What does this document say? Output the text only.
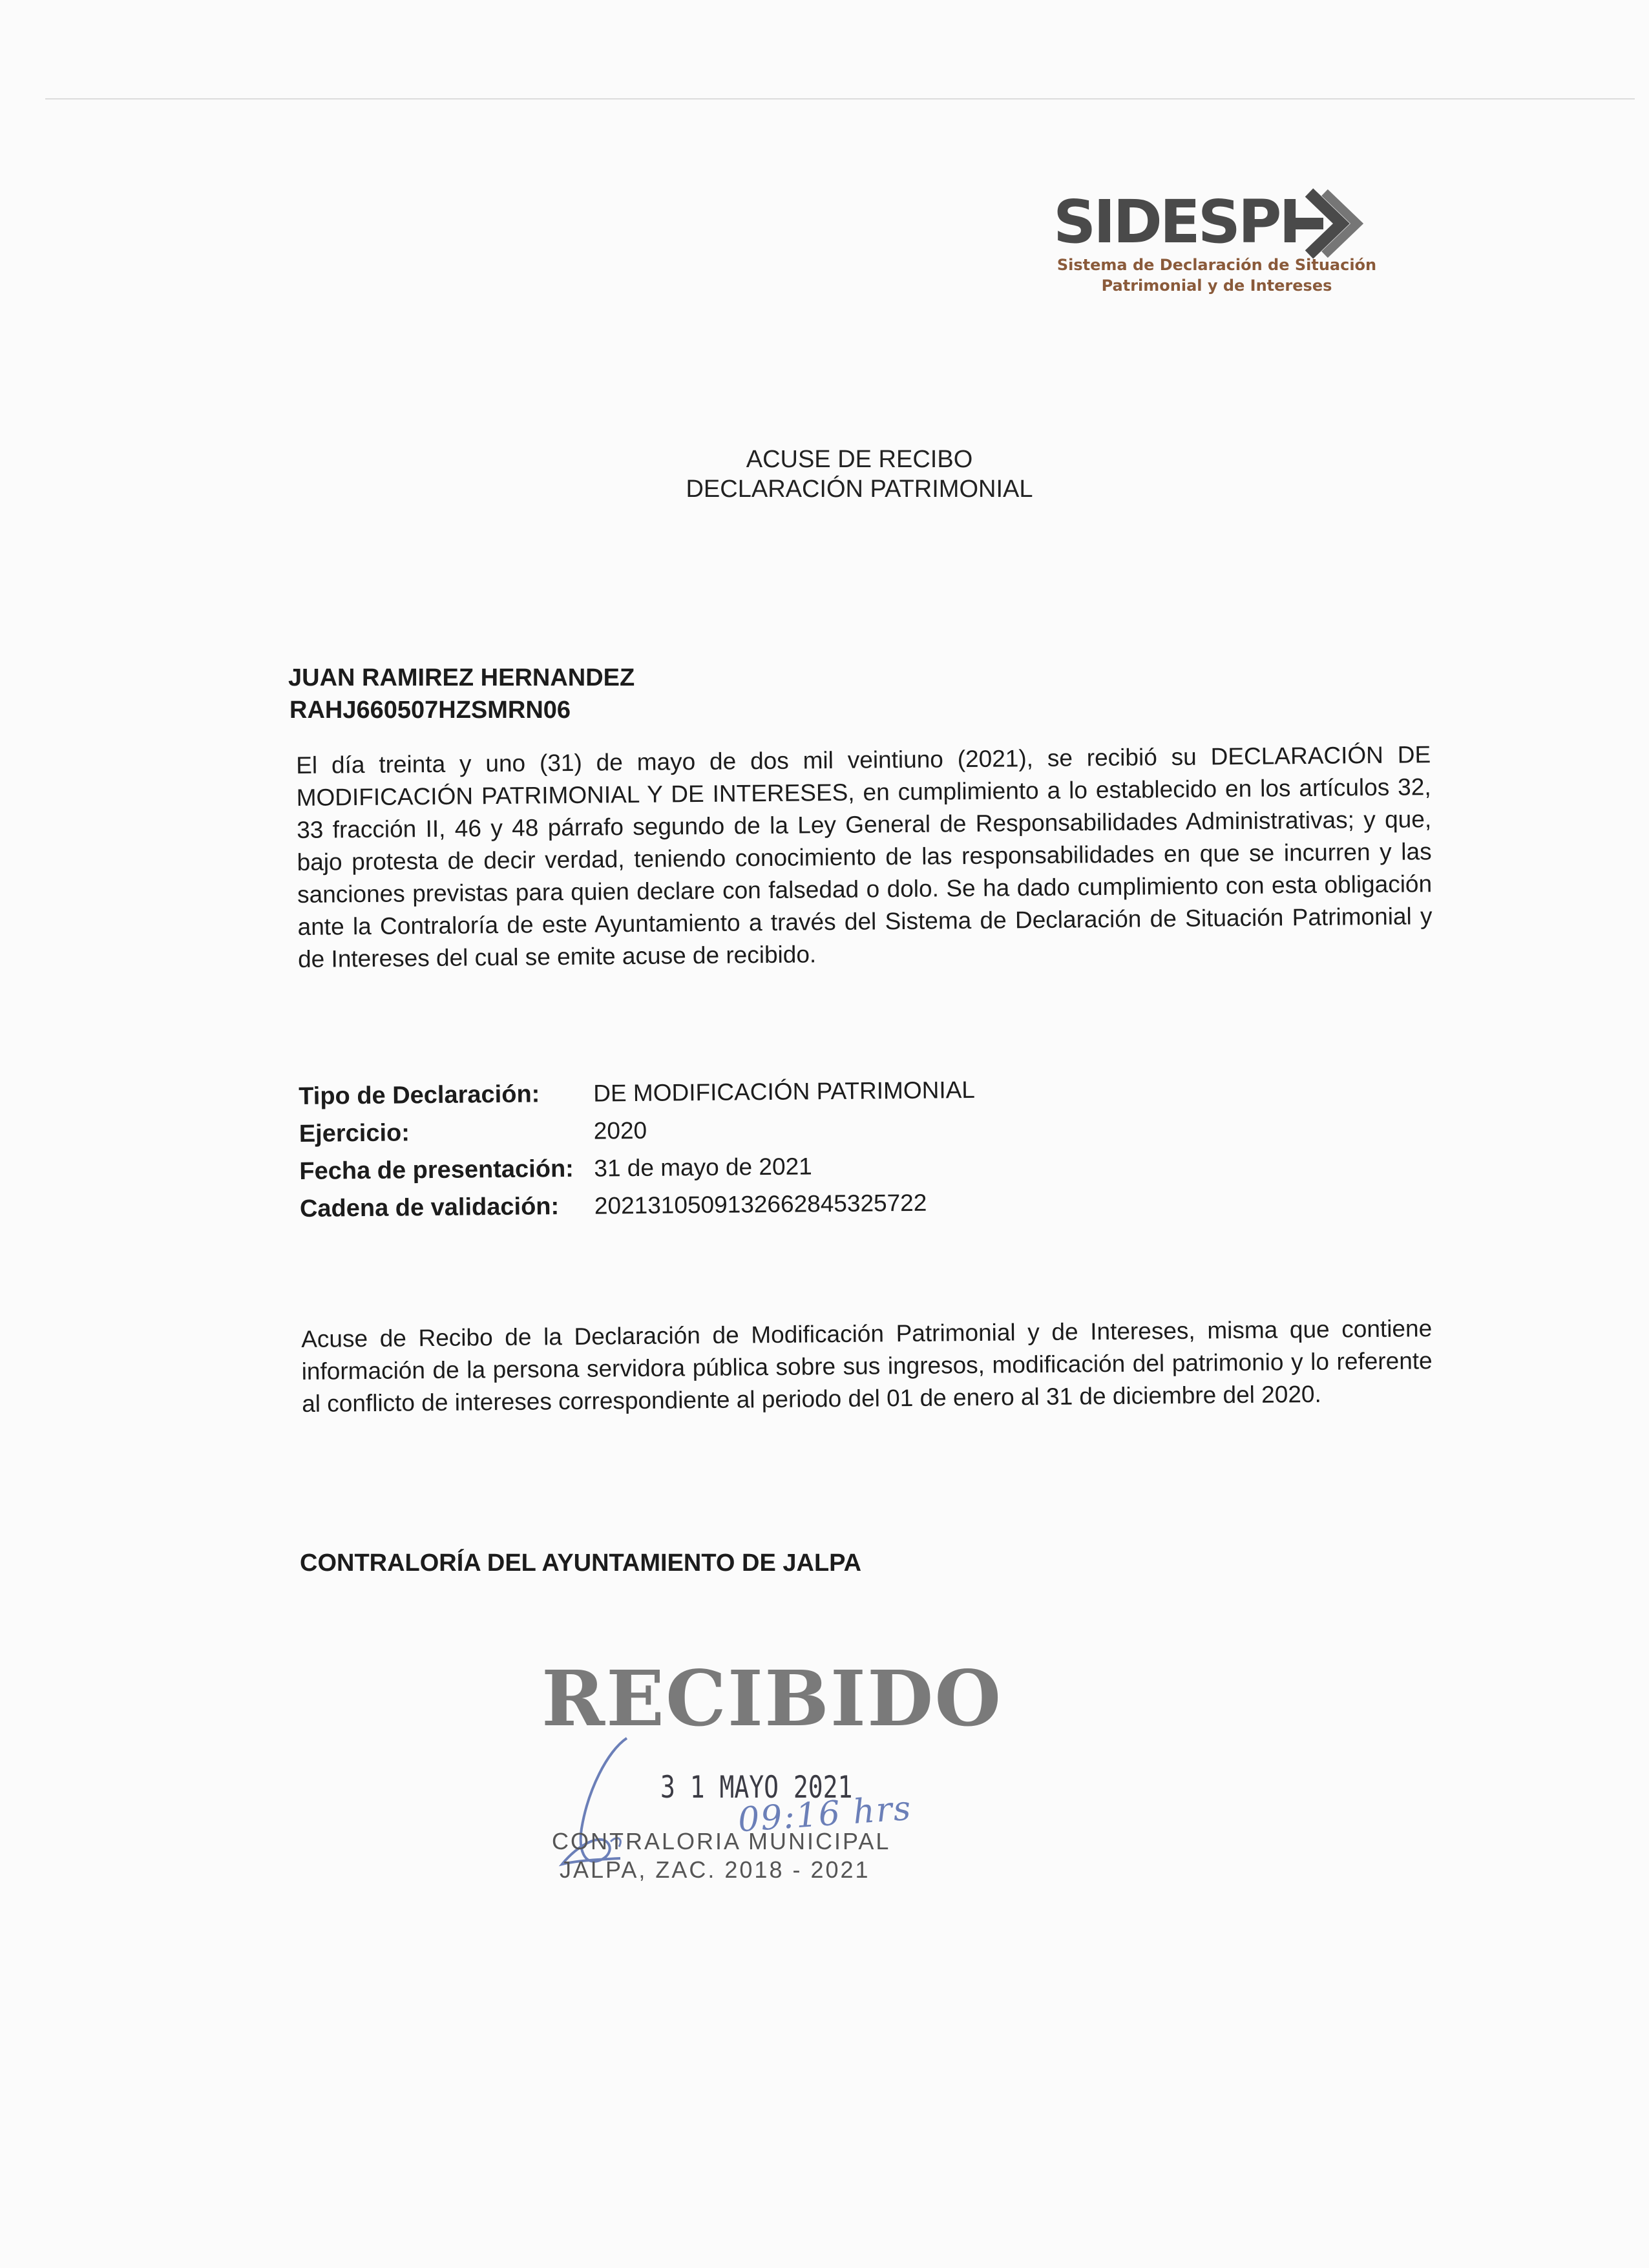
SIDESPI
Sistema de Declaración de Situación
Patrimonial y de Intereses
ACUSE DE RECIBO
DECLARACIÓN PATRIMONIAL
JUAN RAMIREZ HERNANDEZ
RAHJ660507HZSMRN06
El día treinta y uno (31) de mayo de dos mil veintiuno (2021), se recibió su DECLARACIÓN DE MODIFICACIÓN PATRIMONIAL Y DE INTERESES, en cumplimiento a lo establecido en los artículos 32, 33 fracción II, 46 y 48 párrafo segundo de la Ley General de Responsabilidades Administrativas; y que, bajo protesta de decir verdad, teniendo conocimiento de las responsabilidades en que se incurren y las sanciones previstas para quien declare con falsedad o dolo. Se ha dado cumplimiento con esta obligación ante la Contraloría de este Ayuntamiento a través del Sistema de Declaración de Situación Patrimonial y de Intereses del cual se emite acuse de recibido.
Tipo de Declaración:	DE MODIFICACIÓN PATRIMONIAL
Ejercicio:	2020
Fecha de presentación: 31 de mayo de 2021
Cadena de validación:	20213105091326628453257​22
Acuse de Recibo de la Declaración de Modificación Patrimonial y de Intereses, misma que contiene información de la persona servidora pública sobre sus ingresos, modificación del patrimonio y lo referente al conflicto de intereses correspondiente al periodo del 01 de enero al 31 de diciembre del 2020.
CONTRALORÍA DEL AYUNTAMIENTO DE JALPA
RECIBIDO
3 1 MAYO 2021
09:16 hrs
CONTRALORIA MUNICIPAL
JALPA, ZAC. 2018 - 2021
